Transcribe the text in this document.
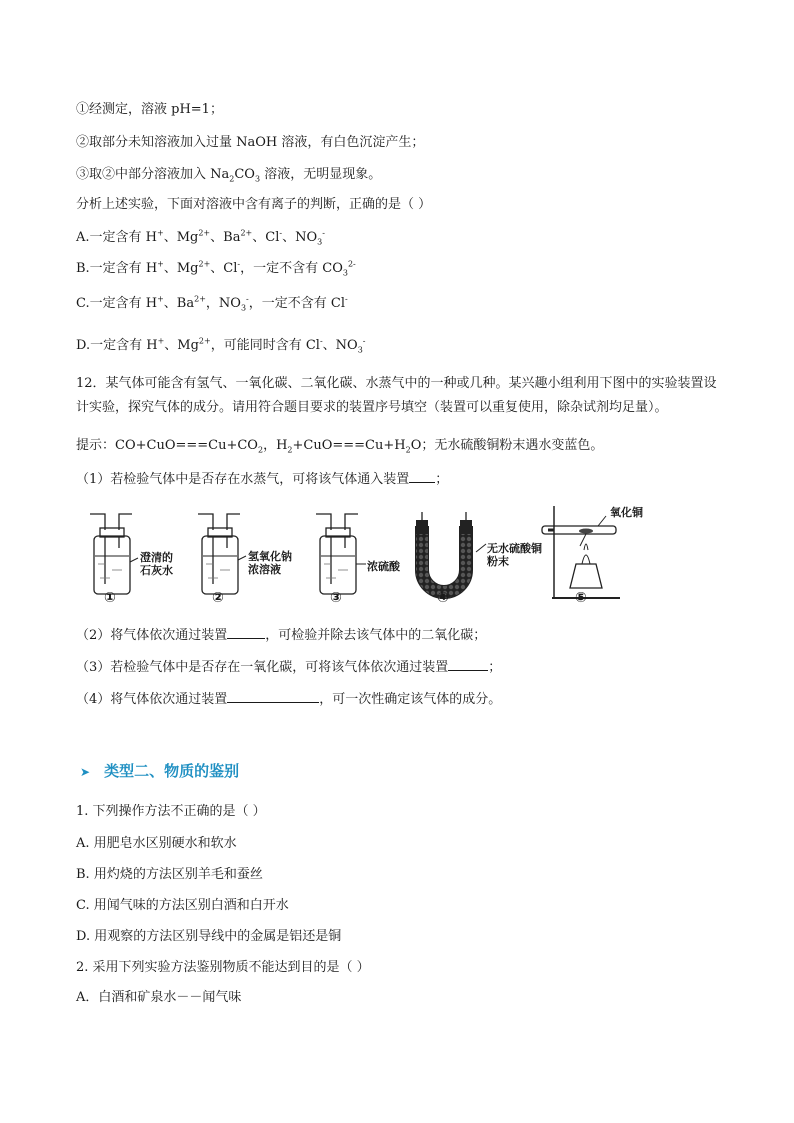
①经测定，溶液 pH=1；
②取部分未知溶液加入过量 NaOH 溶液，有白色沉淀产生；
③取②中部分溶液加入 $Na_2CO_3$ 溶液，无明显现象。
分析上述实验，下面对溶液中含有离子的判断，正确的是（ ）
A.一定含有 H+、$Mg^{2+}$、$Ba^{2+}$、Cl-、$NO_3^-$
B.一定含有 H+、$Mg^{2+}$、Cl-，一定不含有 $CO_3^{2-}$
C.一定含有 H+、$Ba^{2+}$，$NO_3^-$，一定不含有 Cl-
D.一定含有 H+、$Mg^{2+}$，可能同时含有 Cl-、$NO_3^-$
12．某气体可能含有氢气、一氧化碳、二氧化碳、水蒸气中的一种或几种。某兴趣小组利用下图中的实验装置设计实验，探究气体的成分。请用符合题目要求的装置序号填空（装置可以重复使用，除杂试剂均足量）。
提示：$CO+CuO===Cu+CO_2$，$H_2+CuO===Cu+H_2O$；无水硫酸铜粉末遇水变蓝色。
（1）若检验气体中是否存在水蒸气，可将该气体通入装置 ；
澄清的
石灰水
氢氧化钠
浓溶液	浓硫酸
无水硫酸铜
粉末
氧化铜
①	②	③	④	⑤
（2）将气体依次通过装置	，可检验并除去该气体中的二氧化碳；
（3）若检验气体中是否存在一氧化碳，可将该气体依次通过装置	；
（4）将气体依次通过装置	，可一次性确定该气体的成分。
➤ 类型二、物质的鉴别
1. 下列操作方法不正确的是（ ）
A. 用肥皂水区别硬水和软水
B. 用灼烧的方法区别羊毛和蚕丝
C. 用闻气味的方法区别白酒和白开水
D. 用观察的方法区别导线中的金属是铝还是铜
2. 采用下列实验方法鉴别物质不能达到目的是（ ）
A．白酒和矿泉水－－闻气味
